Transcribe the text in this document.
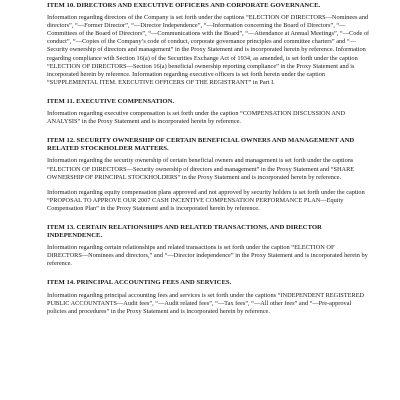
ITEM 10. DIRECTORS AND EXECUTIVE OFFICERS AND CORPORATE GOVERNANCE.

Information regarding directors of the Company is set forth under the captions “ELECTION OF DIRECTORS—Nominees and directors”, “—Former Director”, “—Director Independence”, “—Information concerning the Board of Directors”, “—Committees of the Board of Directors”, “—Communications with the Board”, “—Attendance at Annual Meetings”, “—Code of conduct”, “—Copies of the Company’s code of conduct, corporate governance principles and committee charters” and “—Security ownership of directors and management” in the Proxy Statement and is incorporated herein by reference. Information regarding compliance with Section 16(a) of the Securities Exchange Act of 1934, as amended, is set forth under the caption “ELECTION OF DIRECTORS—Section 16(a) beneficial ownership reporting compliance” in the Proxy Statement and is incorporated herein by reference. Information regarding executive officers is set forth herein under the caption “SUPPLEMENTAL ITEM. EXECUTIVE OFFICERS OF THE REGISTRANT” in Part I.

ITEM 11. EXECUTIVE COMPENSATION.

Information regarding executive compensation is set forth under the caption “COMPENSATION DISCUSSION AND ANALYSIS” in the Proxy Statement and is incorporated herein by reference.

ITEM 12. SECURITY OWNERSHIP OF CERTAIN BENEFICIAL OWNERS AND MANAGEMENT AND RELATED STOCKHOLDER MATTERS.

Information regarding the security ownership of certain beneficial owners and management is set forth under the captions “ELECTION OF DIRECTORS—Security ownership of directors and management” in the Proxy Statement and “SHARE OWNERSHIP OF PRINCIPAL STOCKHOLDERS” in the Proxy Statement and is incorporated herein by reference.

Information regarding equity compensation plans approved and not approved by security holders is set forth under the caption “PROPOSAL TO APPROVE OUR 2007 CASH INCENTIVE COMPENSATION PERFORMANCE PLAN—Equity Compensation Plan” in the Proxy Statement and is incorporated herein by reference.

ITEM 13. CERTAIN RELATIONSHIPS AND RELATED TRANSACTIONS, AND DIRECTOR INDEPENDENCE.

Information regarding certain relationships and related transactions is set forth under the caption “ELECTION OF DIRECTORS—Nominees and directors,” and “—Director independence” in the Proxy Statement and is incorporated herein by reference.

ITEM 14. PRINCIPAL ACCOUNTING FEES AND SERVICES.

Information regarding principal accounting fees and services is set forth under the captions “INDEPENDENT REGISTERED PUBLIC ACCOUNTANTS—Audit fees”, “—Audit related fees”, “—Tax fees”, “—All other fees” and “—Pre-approval policies and procedures” in the Proxy Statement and is incorporated herein by reference.
